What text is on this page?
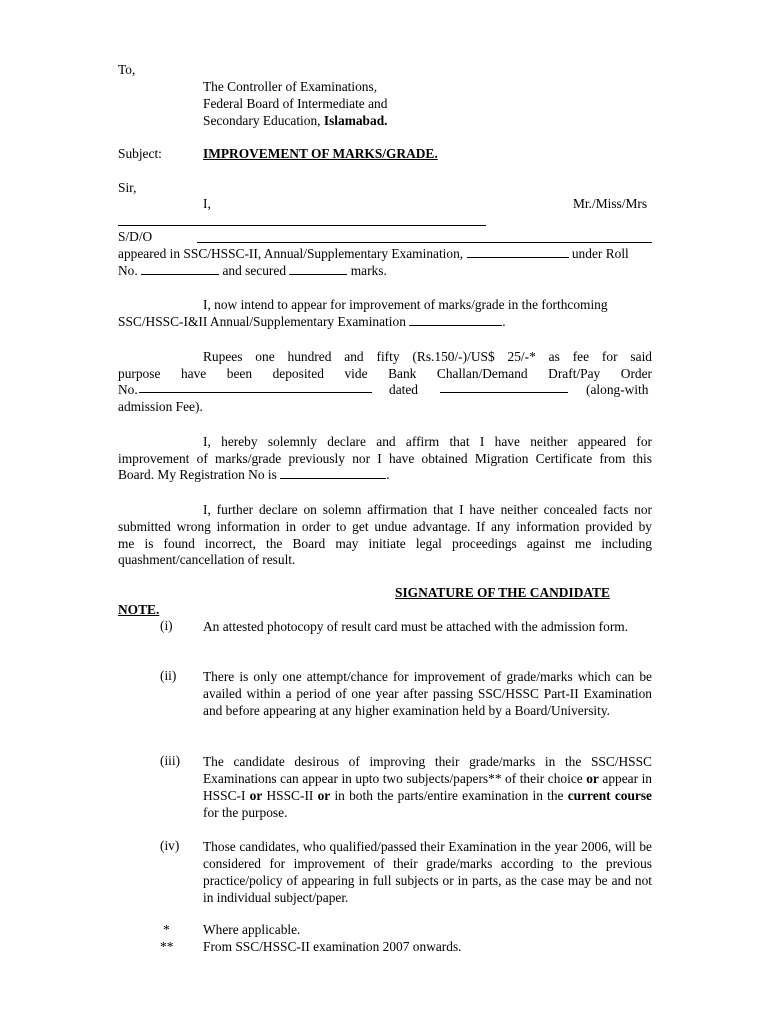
To,
The Controller of Examinations,
Federal Board of Intermediate and
Secondary Education, Islamabad.
Subject:	IMPROVEMENT OF MARKS/GRADE.
Sir,
I,	Mr./Miss/Mrs
S/D/O
appeared in SSC/HSSC-II, Annual/Supplementary Examination,	under Roll
No.	and secured	marks.
I, now intend to appear for improvement of marks/grade in the forthcoming
SSC/HSSC-I&II Annual/Supplementary Examination	.
Rupees one hundred and fifty (Rs.150/-)/US$ 25/-* as fee for said
purpose have been deposited vide Bank Challan/Demand Draft/Pay Order
No.	dated	(along-with
admission Fee).
I, hereby solemnly declare and affirm that I have neither appeared for
improvement of marks/grade previously nor I have obtained Migration Certificate from this
Board. My Registration No is	.
I, further declare on solemn affirmation that I have neither concealed facts nor
submitted wrong information in order to get undue advantage. If any information provided by
me is found incorrect, the Board may initiate legal proceedings against me including
quashment/cancellation of result.
SIGNATURE OF THE CANDIDATE
NOTE.
(i) An attested photocopy of result card must be attached with the admission form.
(ii) There is only one attempt/chance for improvement of grade/marks which can be availed within a period of one year after passing SSC/HSSC Part-II Examination and before appearing at any higher examination held by a Board/University.
(iii) The candidate desirous of improving their grade/marks in the SSC/HSSC Examinations can appear in upto two subjects/papers** of their choice or appear in HSSC-I or HSSC-II or in both the parts/entire examination in the current course for the purpose.
(iv) Those candidates, who qualified/passed their Examination in the year 2006, will be considered for improvement of their grade/marks according to the previous practice/policy of appearing in full subjects or in parts, as the case may be and not in individual subject/paper.
* Where applicable.
** From SSC/HSSC-II examination 2007 onwards.
